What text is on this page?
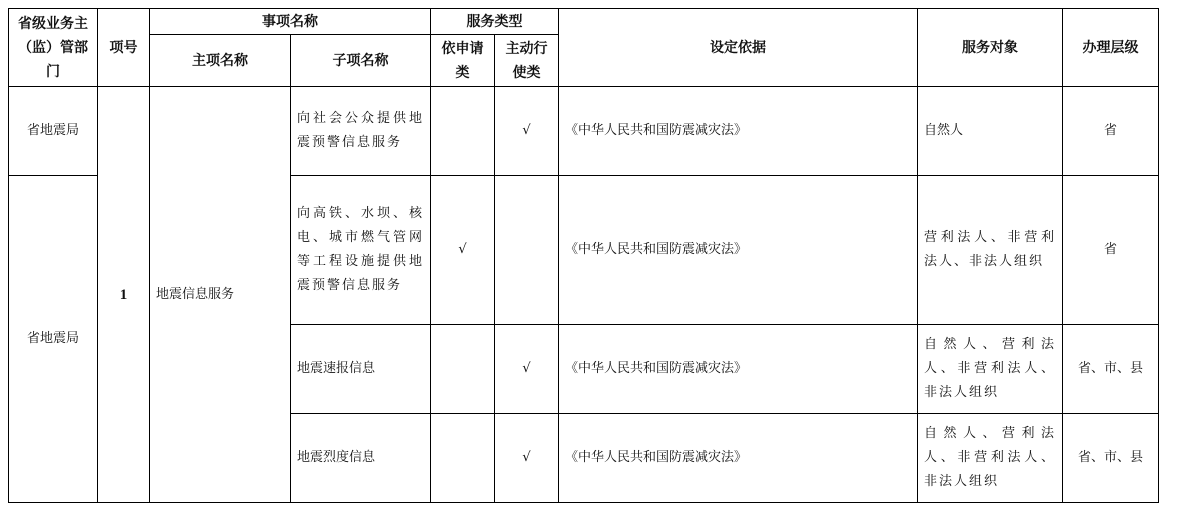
省级业务主（监）管部门	项号	事项名称		服务类型		设定依据	服务对象	办理层级
		主项名称	子项名称	依申请类	主动行使类			
省地震局	1	地震信息服务	向社会公众提供地震预警信息服务		√	《中华人民共和国防震减灾法》	自然人	省
省地震局			向高铁、水坝、核电、城市燃气管网等工程设施提供地震预警信息服务	√		《中华人民共和国防震减灾法》	营利法人、非营利法人、非法人组织	省
			地震速报信息		√	《中华人民共和国防震减灾法》	自然人、营利法人、非营利法人、非法人组织	省、市、县
			地震烈度信息		√	《中华人民共和国防震减灾法》	自然人、营利法人、非营利法人、非法人组织	省、市、县
